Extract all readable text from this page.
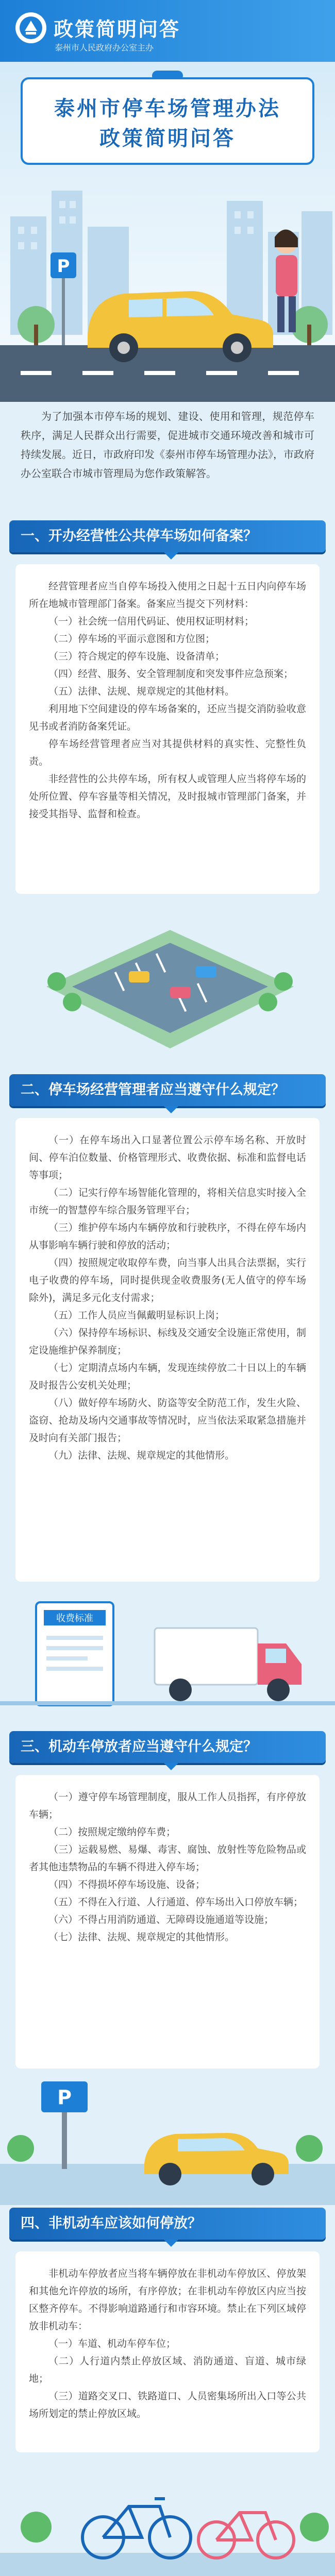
政策简明问答
泰州市人民政府办公室主办
泰州市停车场管理办法
政策简明问答
P

为了加强本市停车场的规划、建设、使用和管理，规范停车秩序，满足人民群众出行需要，促进城市交通环境改善和城市可持续发展。近日，市政府印发《泰州市停车场管理办法》，市政府办公室联合市城市管理局为您作政策解答。

一、开办经营性公共停车场如何备案？

经营管理者应当自停车场投入使用之日起十五日内向停车场所在地城市管理部门备案。备案应当提交下列材料：

（一）社会统一信用代码证、使用权证明材料；

（二）停车场的平面示意图和方位图；

（三）符合规定的停车设施、设备清单；

（四）经营、服务、安全管理制度和突发事件应急预案；

（五）法律、法规、规章规定的其他材料。

利用地下空间建设的停车场备案的，还应当提交消防验收意见书或者消防备案凭证。

停车场经营管理者应当对其提供材料的真实性、完整性负责。

非经营性的公共停车场，所有权人或管理人应当将停车场的处所位置、停车容量等相关情况，及时报城市管理部门备案，并接受其指导、监督和检查。

二、停车场经营管理者应当遵守什么规定？

（一）在停车场出入口显著位置公示停车场名称、开放时间、停车泊位数量、价格管理形式、收费依据、标准和监督电话等事项；

（二）记实行停车场智能化管理的，将相关信息实时接入全市统一的智慧停车综合服务管理平台；

（三）维护停车场内车辆停放和行驶秩序，不得在停车场内从事影响车辆行驶和停放的活动；

（四）按照规定收取停车费，向当事人出具合法票据，实行电子收费的停车场，同时提供现金收费服务(无人值守的停车场除外)，满足多元化支付需求；

（五）工作人员应当佩戴明显标识上岗；

（六）保持停车场标识、标线及交通安全设施正常使用，制定设施维护保养制度；

（七）定期清点场内车辆，发现连续停放二十日以上的车辆及时报告公安机关处理；

（八）做好停车场防火、防盗等安全防范工作，发生火险、盗窃、抢劫及场内交通事故等情况时，应当依法采取紧急措施并及时向有关部门报告；

（九）法律、法规、规章规定的其他情形。

收费标准
三、机动车停放者应当遵守什么规定？

（一）遵守停车场管理制度，服从工作人员指挥，有序停放车辆；

（二）按照规定缴纳停车费；

（三）运载易燃、易爆、毒害、腐蚀、放射性等危险物品或者其他违禁物品的车辆不得进入停车场；

（四）不得损坏停车场设施、设备；

（五）不得在入行道、人行通道、停车场出入口停放车辆；

（六）不得占用消防通道、无障碍设施通道等设施；

（七）法律、法规、规章规定的其他情形。

P
四、非机动车应该如何停放？

非机动车停放者应当将车辆停放在非机动车停放区、停放架和其他允许停放的场所，有序停放；在非机动车停放区内应当按区整齐停车。不得影响道路通行和市容环境。禁止在下列区域停放非机动车：

（一）车道、机动车停车位；

（二）人行道内禁止停放区域、消防通道、盲道、城市绿地；

（三）道路交叉口、铁路道口、人员密集场所出入口等公共场所划定的禁止停放区域。
